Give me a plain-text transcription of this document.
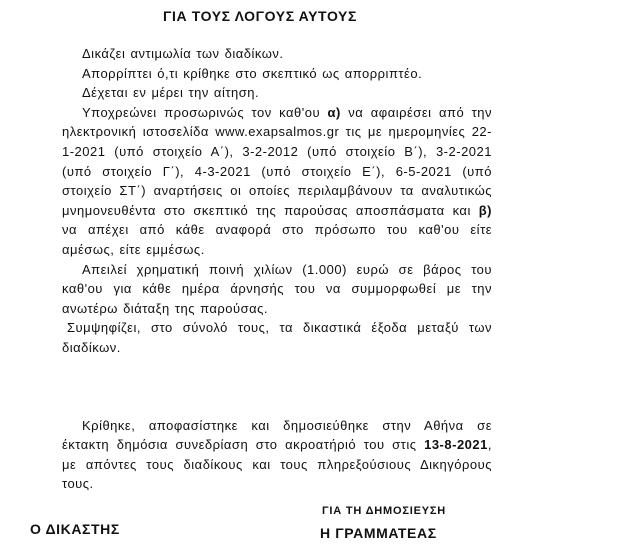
ΓΙΑ ΤΟΥΣ ΛΟΓΟΥΣ ΑΥΤΟΥΣ

Δικάζει αντιμωλία των διαδίκων.

Απορρίπτει ό,τι κρίθηκε στο σκεπτικό ως απορριπτέο.

Δέχεται εν μέρει την αίτηση.

Υποχρεώνει προσωρινώς τον καθ'ου α) να αφαιρέσει από την ηλεκτρονική ιστοσελίδα www.exapsalmos.gr τις με ημερομηνίες 22-1-2021 (υπό στοιχείο Α΄), 3-2-2012 (υπό στοιχείο Β΄), 3-2-2021 (υπό στοιχείο Γ΄), 4-3-2021 (υπό στοιχείο Ε΄), 6-5-2021 (υπό στοιχείο ΣΤ΄) αναρτήσεις οι οποίες περιλαμβάνουν τα αναλυτικώς μνημονευθέντα στο σκεπτικό της παρούσας αποσπάσματα και β) να απέχει από κάθε αναφορά στο πρόσωπο του καθ'ου είτε αμέσως, είτε εμμέσως.

Απειλεί χρηματική ποινή χιλίων (1.000) ευρώ σε βάρος του καθ'ου για κάθε ημέρα άρνησής του να συμμορφωθεί με την ανωτέρω διάταξη της παρούσας.

Συμψηφίζει, στο σύνολό τους, τα δικαστικά έξοδα μεταξύ των διαδίκων.

Κρίθηκε, αποφασίστηκε και δημοσιεύθηκε στην Αθήνα σε έκτακτη δημόσια συνεδρίαση στο ακροατήριό του στις 13-8-2021, με απόντες τους διαδίκους και τους πληρεξούσιους Δικηγόρους τους.

Ο ΔΙΚΑΣΤΗΣ
ΓΙΑ ΤΗ ΔΗΜΟΣΙΕΥΣΗ
Η ΓΡΑΜΜΑΤΕΑΣ
